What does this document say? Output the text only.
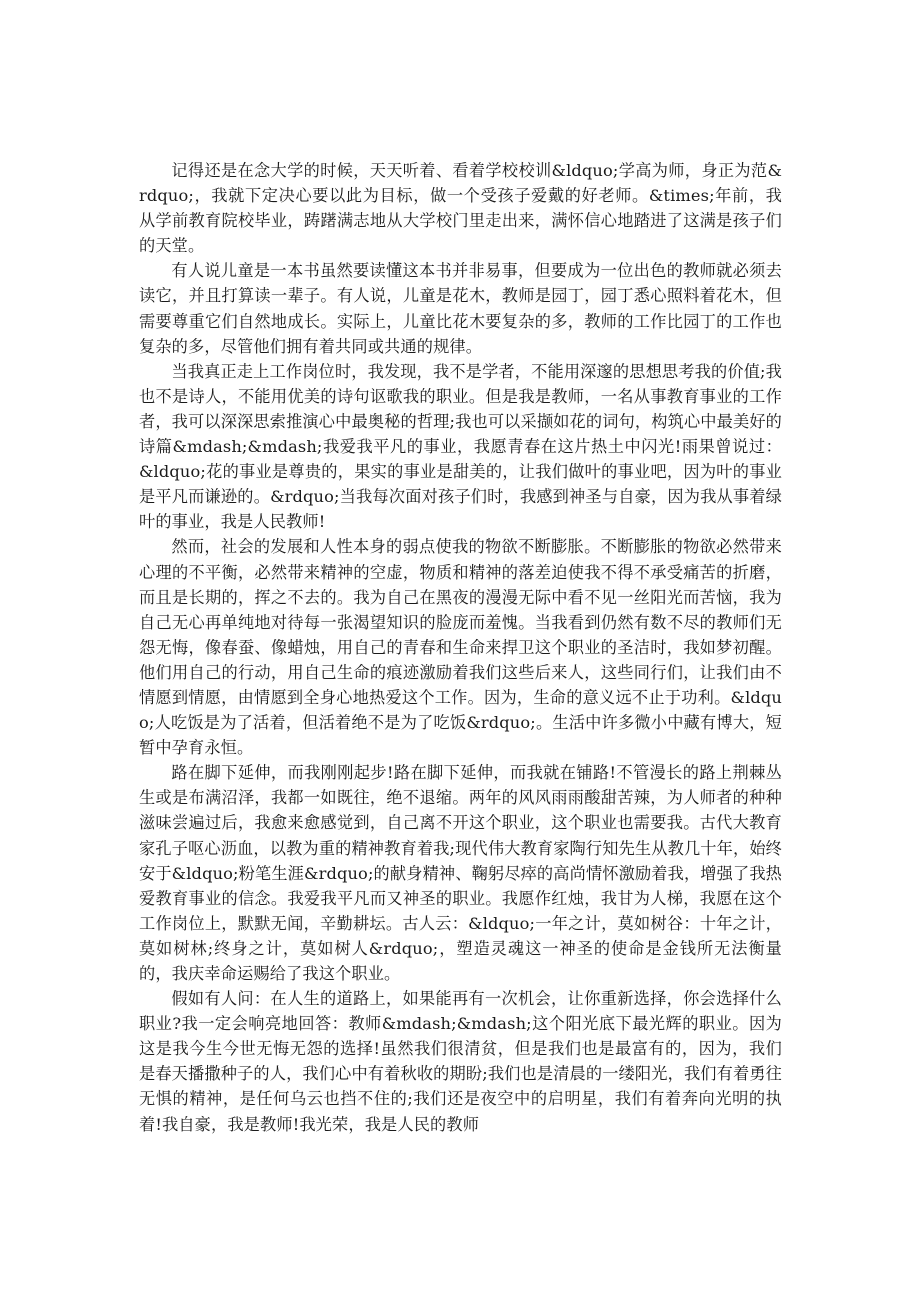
记得还是在念大学的时候，天天听着、看着学校校训&ldquo;学高为师，身正为范&rdquo;，我就下定决心要以此为目标，做一个受孩子爱戴的好老师。&times;年前，我从学前教育院校毕业，踌躇满志地从大学校门里走出来，满怀信心地踏进了这满是孩子们的天堂。

有人说儿童是一本书虽然要读懂这本书并非易事，但要成为一位出色的教师就必须去读它，并且打算读一辈子。有人说，儿童是花木，教师是园丁，园丁悉心照料着花木，但需要尊重它们自然地成长。实际上，儿童比花木要复杂的多，教师的工作比园丁的工作也复杂的多，尽管他们拥有着共同或共通的规律。

当我真正走上工作岗位时，我发现，我不是学者，不能用深邃的思想思考我的价值;我也不是诗人，不能用优美的诗句讴歌我的职业。但是我是教师，一名从事教育事业的工作者，我可以深深思索推演心中最奥秘的哲理;我也可以采撷如花的词句，构筑心中最美好的诗篇&mdash;&mdash;我爱我平凡的事业，我愿青春在这片热土中闪光!雨果曾说过：&ldquo;花的事业是尊贵的，果实的事业是甜美的，让我们做叶的事业吧，因为叶的事业是平凡而谦逊的。&rdquo;当我每次面对孩子们时，我感到神圣与自豪，因为我从事着绿叶的事业，我是人民教师!

然而，社会的发展和人性本身的弱点使我的物欲不断膨胀。不断膨胀的物欲必然带来心理的不平衡，必然带来精神的空虚，物质和精神的落差迫使我不得不承受痛苦的折磨，而且是长期的，挥之不去的。我为自己在黑夜的漫漫无际中看不见一丝阳光而苦恼，我为自己无心再单纯地对待每一张渴望知识的脸庞而羞愧。当我看到仍然有数不尽的教师们无怨无悔，像春蚕、像蜡烛，用自己的青春和生命来捍卫这个职业的圣洁时，我如梦初醒。他们用自己的行动，用自己生命的痕迹激励着我们这些后来人，这些同行们，让我们由不情愿到情愿，由情愿到全身心地热爱这个工作。因为，生命的意义远不止于功利。&ldquo;人吃饭是为了活着，但活着绝不是为了吃饭&rdquo;。生活中许多微小中藏有博大，短暂中孕育永恒。

路在脚下延伸，而我刚刚起步!路在脚下延伸，而我就在铺路!不管漫长的路上荆棘丛生或是布满沼泽，我都一如既往，绝不退缩。两年的风风雨雨酸甜苦辣，为人师者的种种滋味尝遍过后，我愈来愈感觉到，自己离不开这个职业，这个职业也需要我。古代大教育家孔子呕心沥血，以教为重的精神教育着我;现代伟大教育家陶行知先生从教几十年，始终安于&ldquo;粉笔生涯&rdquo;的献身精神、鞠躬尽瘁的高尚情怀激励着我，增强了我热爱教育事业的信念。我爱我平凡而又神圣的职业。我愿作红烛，我甘为人梯，我愿在这个工作岗位上，默默无闻，辛勤耕坛。古人云：&ldquo;一年之计，莫如树谷：十年之计，莫如树林;终身之计，莫如树人&rdquo;，塑造灵魂这一神圣的使命是金钱所无法衡量的，我庆幸命运赐给了我这个职业。

假如有人问：在人生的道路上，如果能再有一次机会，让你重新选择，你会选择什么职业?我一定会响亮地回答：教师&mdash;&mdash;这个阳光底下最光辉的职业。因为这是我今生今世无悔无怨的选择!虽然我们很清贫，但是我们也是最富有的，因为，我们是春天播撒种子的人，我们心中有着秋收的期盼;我们也是清晨的一缕阳光，我们有着勇往无惧的精神，是任何乌云也挡不住的;我们还是夜空中的启明星，我们有着奔向光明的执着!我自豪，我是教师!我光荣，我是人民的教师
